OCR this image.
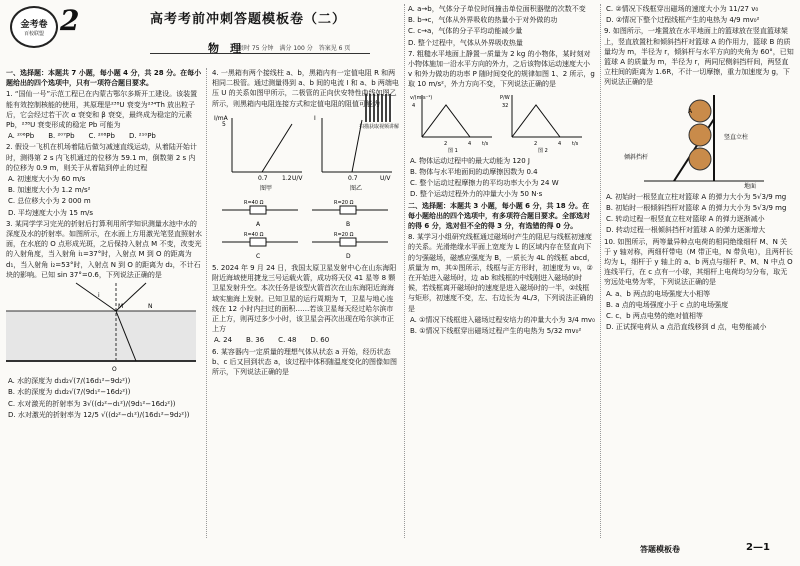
金考卷
百校联盟 2	高考考前冲刺答题模板卷（二）
物　理
限时 75 分钟　满分 100 分　答案见 6 页
扫描获取视频讲解

一、选择题：本题共 7 小题，每小题 4 分，共 28 分。在每小题给出的四个选项中，只有一项符合题目要求。

1. “国仙一号”示范工程已在内蒙古鄂尔多斯开工建设。该装置能有效控制核能的使用，其原理是²³⁸U 衰变为²³⁴Th 放出粒子后，它会经过若干次 α 衰变和 β 衰变，最终成为稳定的元素 Pb，²³⁸U 衰变形成的稳定 Pb 可能为

A. ²⁰⁶Pb　　B. ²⁰⁷Pb　　C. ²⁰⁸Pb　　D. ²¹⁰Pb

2. 假设一飞机在机场着陆后做匀减速直线运动，从着陆开始计时，测得第 2 s 内飞机通过的位移为 59.1 m，倒数第 2 s 内的位移为 0.9 m，则关于从着陆到停止的过程

A. 初速度大小为 60 m/s

B. 加速度大小为 1.2 m/s²

C. 总位移大小为 2 000 m

D. 平均速度大小为 15 m/s

3. 某同学学习完光的折射后打算利用所学知识测量水池中水的深度及水的折射率。如图所示，在水面上方用激光笔竖直照射水面，在水底的 O 点形成光斑，之后保持入射点 M 不变，改变光的入射角度，当入射角 i₁=37°时，入射点 M 到 O 的距离为 d₁，当入射角 i₂=53°时，入射点 N 到 O 的距离为 d₂，不计石块的影响。已知 sin 37°=0.6，下列说法正确的是

O
M	N
i

A. 水的深度为 d₁d₂√(7/(16d₁²−9d₂²))

B. 水的深度为 d₁d₂√(7/(9d₁²−16d₂²))

C. 水对激光的折射率为 3√((d₂²−d₁²)/(9d₁²−16d₂²))

D. 水对激光的折射率为 12/5 √((d₂²−d₁²)/(16d₁²−9d₂²))

4. 一黑箱有两个接线柱 a、b，黑箱内有一定值电阻 R 和两相同二极管。通过测量得到 a、b 间的电流 I 和 a、b 两端电压 U 的关系如图甲所示，二极管的正向伏安特性曲线如图乙所示，则黑箱内电阻连接方式和定值电阻的阻值可能为

I/mA
U/V
0.7 1.2
5
图甲
I
U/V
0.7
图乙
R=40 Ω
A
R=20 Ω
B
R=40 Ω
C
R=20 Ω
D

5. 2024 年 9 月 24 日，我国太原卫星发射中心在山东海阳附近海域使用捷龙三号运载火箭，成功将天仪 41 星等 8 颗卫星发射升空。本次任务是该型火箭首次在山东海阳近海海域实施海上发射。已知卫星的运行周期为 T，卫星与地心连线在 12 小时内扫过的面积……若该卫星每天经过哈尔滨市正上方，则再过多少小时，该卫星会再次出现在哈尔滨市正上方

A. 24　　B. 36　　C. 48　　D. 60

6. 某容器内一定质量的理想气体从状态 a 开始，经历状态 b、c 后又回到状态 a，该过程中体积随温度变化的图像如图所示，下列说法正确的是

A. a→b，气体分子单位时间撞击单位面积器壁的次数不变

B. b→c，气体从外界吸收的热量小于对外做的功

C. c→a，气体的分子平均动能减少量

D. 整个过程中，气体从外界吸收热量

7. 粗糙水平地面上静置一质量为 2 kg 的小物体，某时刻对小物体施加一沿水平方向的外力，之后该物体运动速度大小 v 和外力做功的功率 P 随时间变化的规律如图 1、2 所示，g 取 10 m/s²，外力方向不变，下列说法正确的是

v/(m·s⁻¹)
t/s
2	4
4
图 1
P/W
t/s
2	4
32
图 2

A. 物体运动过程中的最大动能为 120 J

B. 物体与水平地面间的动摩擦因数为 0.4

C. 整个运动过程摩擦力的平均功率大小为 24 W

D. 整个运动过程外力的冲量大小为 50 N·s

二、选择题：本题共 3 小题，每小题 6 分，共 18 分。在每小题给出的四个选项中，有多项符合题目要求。全部选对的得 6 分，选对但不全的得 3 分，有选错的得 0 分。

8. 某学习小组研究线框通过磁场时产生的阻尼与线框初速度的关系。光滑绝缘水平面上宽度为 L 的区域内存在竖直向下的匀强磁场，磁感应强度为 B，一质长为 4L 的线框 abcd，质量为 m，其①图所示，线框与正方形时，初速度为 v₀，②在开始进入磁场时，边 ab 和线框的中线刚进入磁场的时候，若线框离开磁场时的速度是进入磁场时的一半，②线框与矩形，初速度不变，左、右边长为 4L/3，下列说法正确的是

A. ①情况下线框进入磁场过程安培力的冲量大小为 3/4 mv₀

B. ①情况下线框穿出磁场过程产生的电热为 5/32 mv₀²

C. ②情况下线框穿出磁场的速度大小为 11/27 v₀

D. ②情况下整个过程线框产生的电热为 4/9 mv₀²

9. 如图所示，一堆置放在水平地面上的篮球放在竖直篮球架上，竖直放置杜和倾斜挡杆对篮球 A 的作用力，篮球 B 的质量均为 m，半径为 r，倾斜杆与水平方向的夹角为 60°，已知篮球 A 的质量为 m，半径为 r，两同尼侧斜挡杆间，两竖直立柱间的距离为 1.6R，不计一切摩擦，重力加速度为 g，下列说法正确的是

A
竖直立柱
倾斜挡杆
地面

A. 初始时一根竖直立柱对篮球 A 的弹力大小为 5√3/9 mg

B. 初始时一根倾斜挡杆对篮球 A 的弹力大小为 5√3/9 mg

C. 转动过程一根竖直立柱对篮球 A 的弹力逐渐减小

D. 转动过程一根倾斜挡杆对篮球 A 的弹力逐渐增大

10. 如图所示，两等量异种点电荷的相同绝缘细杆 M、N 关于 y 轴对称，两细杆带电（M 带正电，N 带负电），且两杆长均为 L，细杆于 y 轴上的 a、b 两点与细杆 P、M、N 中点 O 连线平行，在 c 点有一小球，其细杆上电荷均匀分布，取无穷远处电势为零，下列说法正确的是

A. a、b 两点的电场强度大小相等

B. a 点的电场强度小于 c 点的电场强度

C. c、b 两点电势的绝对值相等

D. 正试探电荷从 a 点沿直线移到 d 点，电势能减小

答题模板卷	2—1
